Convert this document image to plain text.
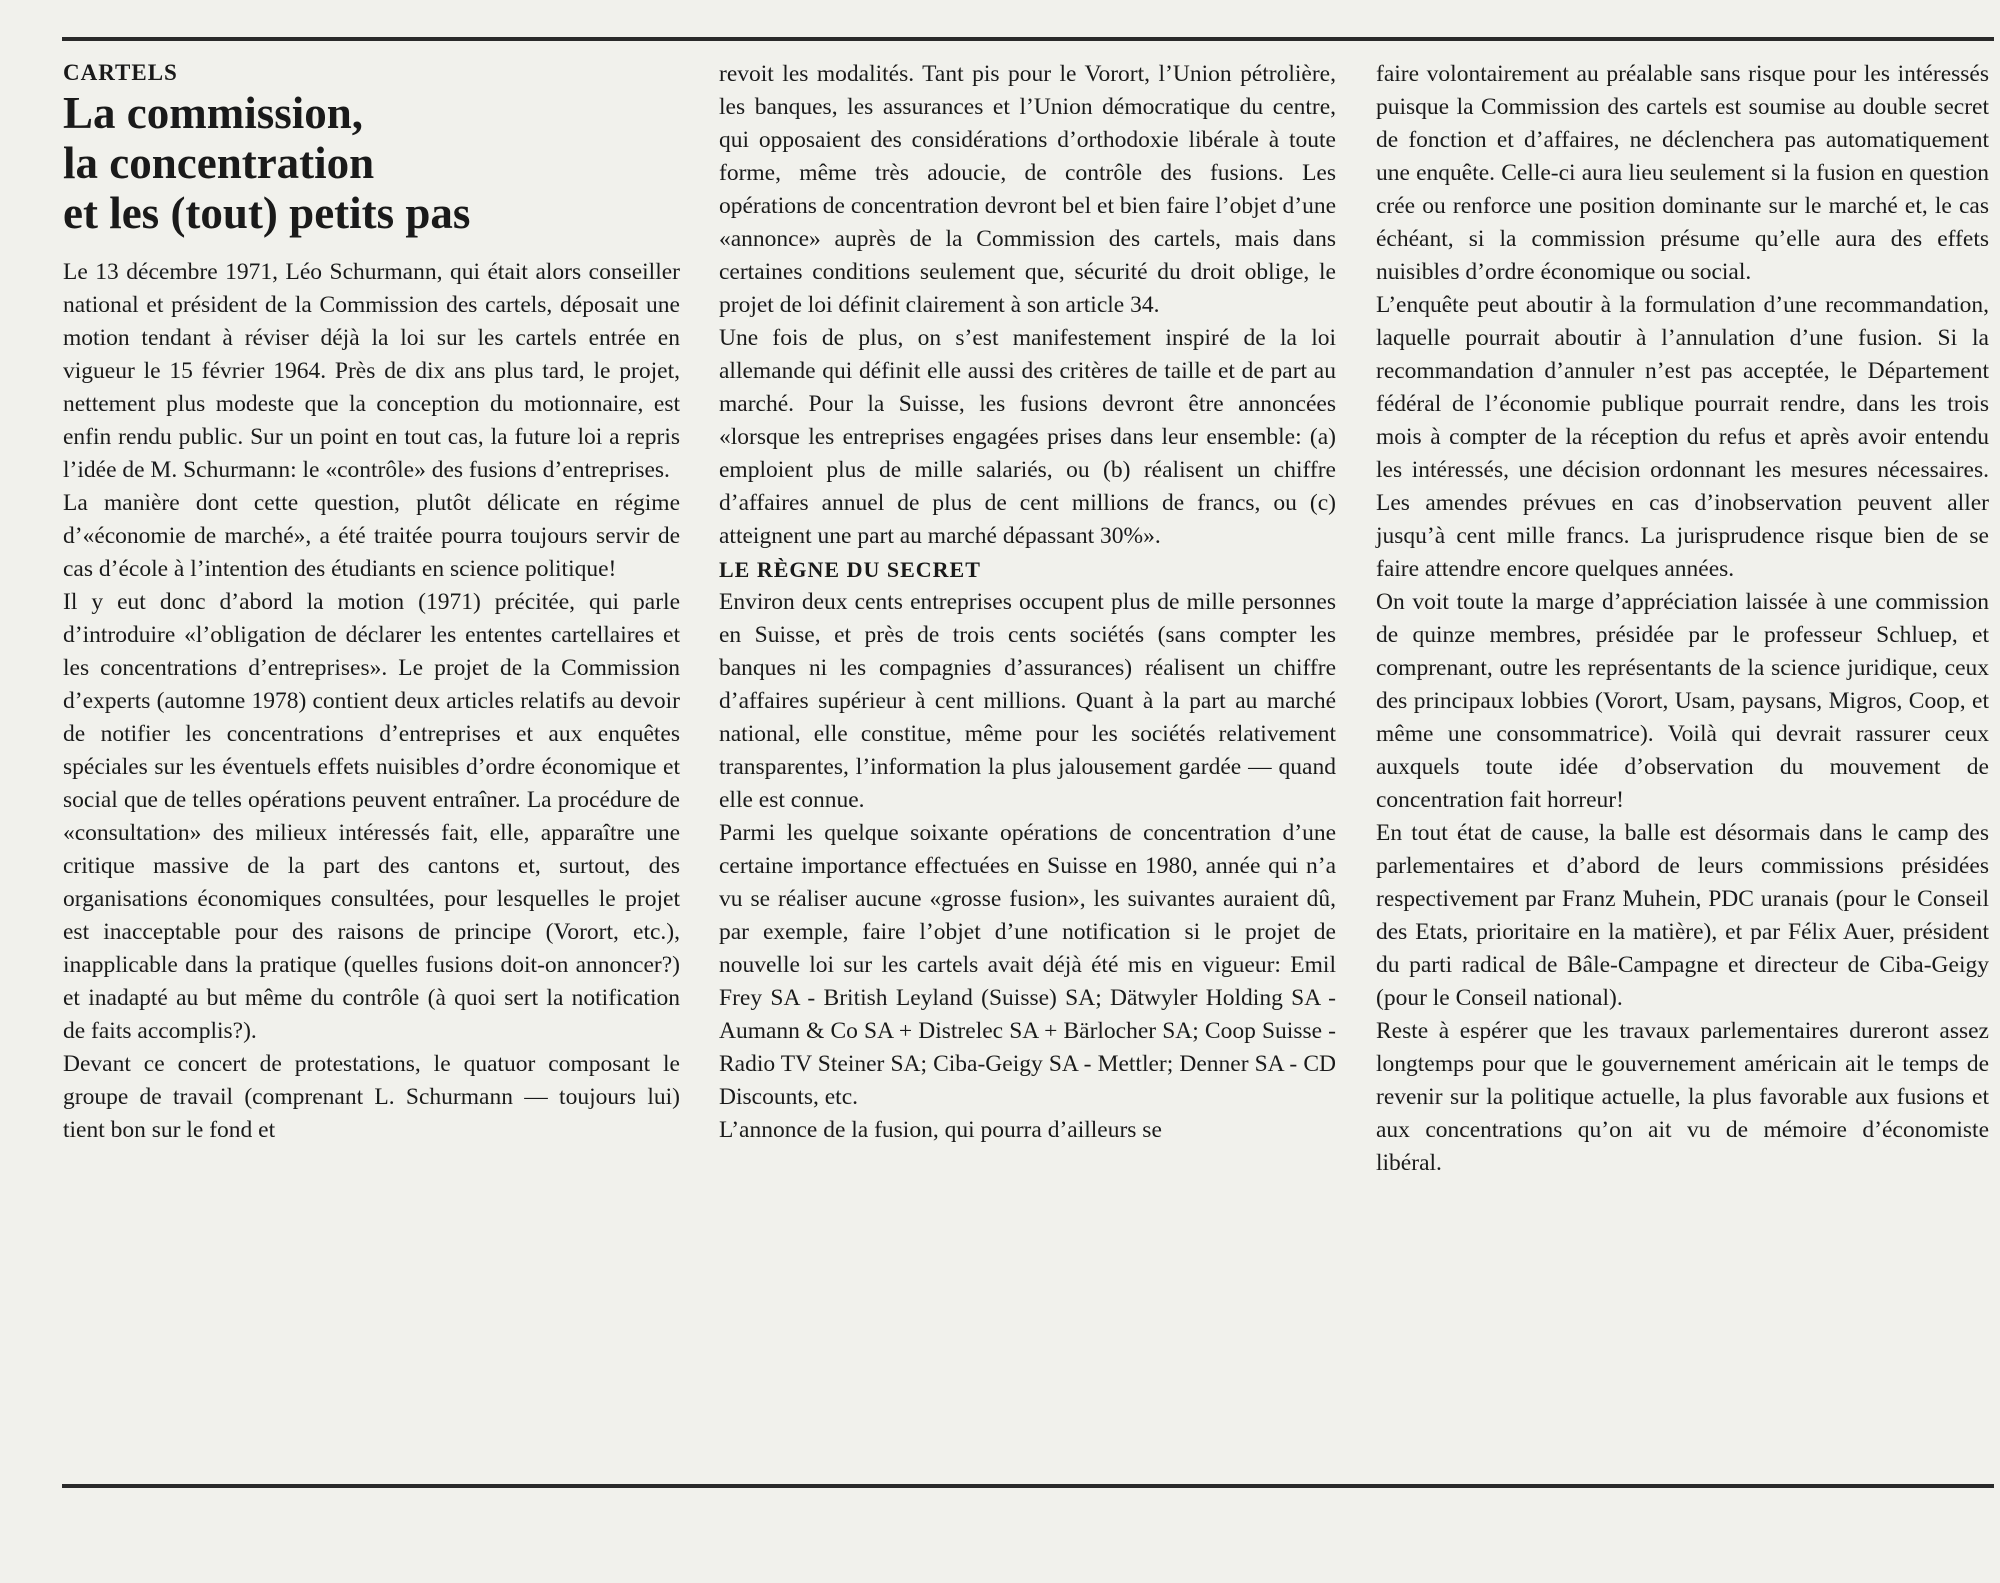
CARTELS

La commission,
la concentration
et les (tout) petits pas

Le 13 décembre 1971, Léo Schurmann, qui était alors conseiller national et président de la Commission des cartels, déposait une motion tendant à réviser déjà la loi sur les cartels entrée en vigueur le 15 février 1964. Près de dix ans plus tard, le projet, nettement plus modeste que la conception du motionnaire, est enfin rendu public. Sur un point en tout cas, la future loi a repris l’idée de M. Schurmann: le «contrôle» des fusions d’entreprises.

La manière dont cette question, plutôt délicate en régime d’«économie de marché», a été traitée pourra toujours servir de cas d’école à l’intention des étudiants en science politique!

Il y eut donc d’abord la motion (1971) précitée, qui parle d’introduire «l’obligation de déclarer les ententes cartellaires et les concentrations d’entreprises». Le projet de la Commission d’experts (automne 1978) contient deux articles relatifs au devoir de notifier les concentrations d’entreprises et aux enquêtes spéciales sur les éventuels effets nuisibles d’ordre économique et social que de telles opérations peuvent entraîner. La procédure de «consultation» des milieux intéressés fait, elle, apparaître une critique massive de la part des cantons et, surtout, des organisations économiques consultées, pour lesquelles le projet est inacceptable pour des raisons de principe (Vorort, etc.), inapplicable dans la pratique (quelles fusions doit-on annoncer?) et inadapté au but même du contrôle (à quoi sert la notification de faits accomplis?).

Devant ce concert de protestations, le quatuor composant le groupe de travail (comprenant L. Schurmann — toujours lui) tient bon sur le fond et

revoit les modalités. Tant pis pour le Vorort, l’Union pétrolière, les banques, les assurances et l’Union démocratique du centre, qui opposaient des considérations d’orthodoxie libérale à toute forme, même très adoucie, de contrôle des fusions. Les opérations de concentration devront bel et bien faire l’objet d’une «annonce» auprès de la Commission des cartels, mais dans certaines conditions seulement que, sécurité du droit oblige, le projet de loi définit clairement à son article 34.

Une fois de plus, on s’est manifestement inspiré de la loi allemande qui définit elle aussi des critères de taille et de part au marché. Pour la Suisse, les fusions devront être annoncées «lorsque les entreprises engagées prises dans leur ensemble: (a) emploient plus de mille salariés, ou (b) réalisent un chiffre d’affaires annuel de plus de cent millions de francs, ou (c) atteignent une part au marché dépassant 30%».

LE RÈGNE DU SECRET

Environ deux cents entreprises occupent plus de mille personnes en Suisse, et près de trois cents sociétés (sans compter les banques ni les compagnies d’assurances) réalisent un chiffre d’affaires supérieur à cent millions. Quant à la part au marché national, elle constitue, même pour les sociétés relativement transparentes, l’information la plus jalousement gardée — quand elle est connue.

Parmi les quelque soixante opérations de concentration d’une certaine importance effectuées en Suisse en 1980, année qui n’a vu se réaliser aucune «grosse fusion», les suivantes auraient dû, par exemple, faire l’objet d’une notification si le projet de nouvelle loi sur les cartels avait déjà été mis en vigueur: Emil Frey SA - British Leyland (Suisse) SA; Dätwyler Holding SA - Aumann & Co SA + Distrelec SA + Bärlocher SA; Coop Suisse - Radio TV Steiner SA; Ciba-Geigy SA - Mettler; Denner SA - CD Discounts, etc.

L’annonce de la fusion, qui pourra d’ailleurs se

faire volontairement au préalable sans risque pour les intéressés puisque la Commission des cartels est soumise au double secret de fonction et d’affaires, ne déclenchera pas automatiquement une enquête. Celle-ci aura lieu seulement si la fusion en question crée ou renforce une position dominante sur le marché et, le cas échéant, si la commission présume qu’elle aura des effets nuisibles d’ordre économique ou social.

L’enquête peut aboutir à la formulation d’une recommandation, laquelle pourrait aboutir à l’annulation d’une fusion. Si la recommandation d’annuler n’est pas acceptée, le Département fédéral de l’économie publique pourrait rendre, dans les trois mois à compter de la réception du refus et après avoir entendu les intéressés, une décision ordonnant les mesures nécessaires. Les amendes prévues en cas d’inobservation peuvent aller jusqu’à cent mille francs. La jurisprudence risque bien de se faire attendre encore quelques années.

On voit toute la marge d’appréciation laissée à une commission de quinze membres, présidée par le professeur Schluep, et comprenant, outre les représentants de la science juridique, ceux des principaux lobbies (Vorort, Usam, paysans, Migros, Coop, et même une consommatrice). Voilà qui devrait rassurer ceux auxquels toute idée d’observation du mouvement de concentration fait horreur!

En tout état de cause, la balle est désormais dans le camp des parlementaires et d’abord de leurs commissions présidées respectivement par Franz Muhein, PDC uranais (pour le Conseil des Etats, prioritaire en la matière), et par Félix Auer, président du parti radical de Bâle-Campagne et directeur de Ciba-Geigy (pour le Conseil national).

Reste à espérer que les travaux parlementaires dureront assez longtemps pour que le gouvernement américain ait le temps de revenir sur la politique actuelle, la plus favorable aux fusions et aux concentrations qu’on ait vu de mémoire d’économiste libéral.
